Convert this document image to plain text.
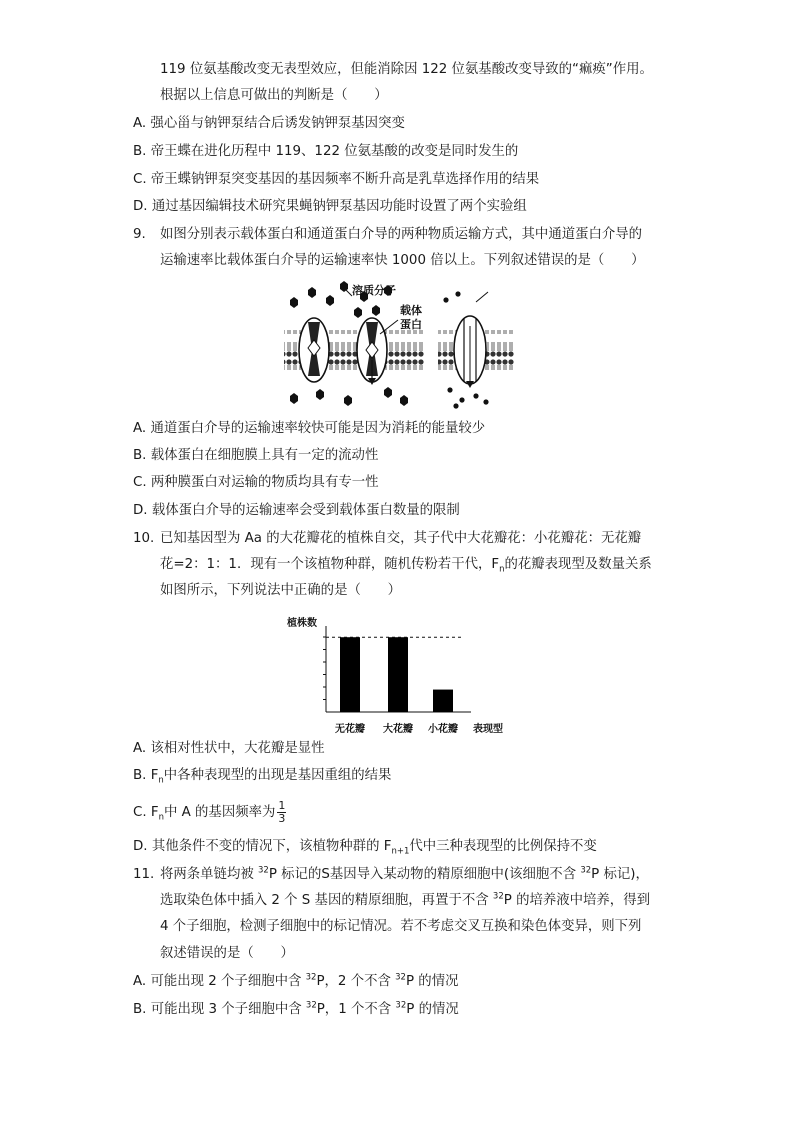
119 位氨基酸改变无表型效应，但能消除因 122 位氨基酸改变导致的“痲痪”作用。
根据以上信息可做出的判断是（　　）
A. 强心甾与钠钾泵结合后诱发钠钾泵基因突变
B. 帝王蝶在进化历程中 119、122 位氨基酸的改变是同时发生的
C. 帝王蝶钠钾泵突变基因的基因频率不断升高是乳草选择作用的结果
D. 通过基因编辑技术研究果蝇钠钾泵基因功能时设置了两个实验组
9. 如图分别表示载体蛋白和通道蛋白介导的两种物质运输方式，其中通道蛋白介导的
运输速率比载体蛋白介导的运输速率快 1000 倍以上。下列叙述错误的是（　　）
溶质分子
载体
蛋白
A. 通道蛋白介导的运输速率较快可能是因为消耗的能量较少
B. 载体蛋白在细胞膜上具有一定的流动性
C. 两种膜蛋白对运输的物质均具有专一性
D. 载体蛋白介导的运输速率会受到载体蛋白数量的限制
10. 已知基因型为 Aa 的大花瓣花的植株自交，其子代中大花瓣花：小花瓣花：无花瓣
花=2：1：1．现有一个该植物种群，随机传粉若干代，$F_n$的花瓣表现型及数量关系
如图所示，下列说法中正确的是（　　）
植株数
无花瓣 大花瓣 小花瓣 表现型
A. 该相对性状中，大花瓣是显性
B. $F_n$中各种表现型的出现是基因重组的结果
C. $F_n$中 A 的基因频率为 $\frac{1}{3}$
D. 其他条件不变的情况下，该植物种群的 $F_{n+1}$代中三种表现型的比例保持不变
11. 将两条单链均被 $^{32}$P 标记的S基因导入某动物的精原细胞中(该细胞不含 $^{32}$P 标记)，
选取染色体中插入 2 个 S 基因的精原细胞，再置于不含 $^{32}$P 的培养液中培养，得到
4 个子细胞，检测子细胞中的标记情况。若不考虑交叉互换和染色体变异，则下列
叙述错误的是（　　）
A. 可能出现 2 个子细胞中含 $^{32}$P，2 个不含 $^{32}$P 的情况
B. 可能出现 3 个子细胞中含 $^{32}$P，1 个不含 $^{32}$P 的情况
